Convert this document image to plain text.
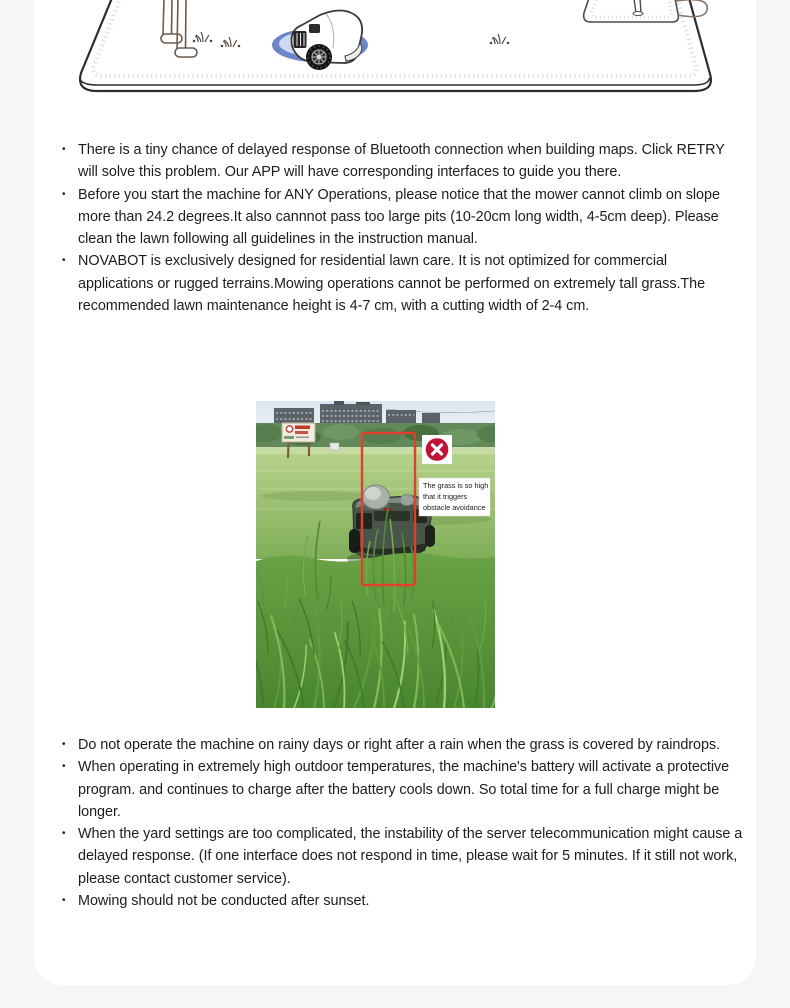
• There is a tiny chance of delayed response of Bluetooth connection when building maps. Click RETRY will solve this problem. Our APP will have corresponding interfaces to guide you there.
• Before you start the machine for ANY Operations, please notice that the mower cannot climb on slope more than 24.2 degrees.It also cannnot pass too large pits (10-20cm long width, 4-5cm deep). Please clean the lawn following all guidelines in the instruction manual.
• NOVABOT is exclusively designed for residential lawn care. It is not optimized for commercial applications or rugged terrains.Mowing operations cannot be performed on extremely tall grass.The recommended lawn maintenance height is 4-7 cm, with a cutting width of 2-4 cm.
The grass is so high
that it triggers
obstacle avoidance
• Do not operate the machine on rainy days or right after a rain when the grass is covered by raindrops.
• When operating in extremely high outdoor temperatures, the machine's battery will activate a protective program. and continues to charge after the battery cools down. So total time for a full charge might be longer.
• When the yard settings are too complicated, the instability of the server telecommunication might cause a delayed response. (If one interface does not respond in time, please wait for 5 minutes. If it still not work, please contact customer service).
• Mowing should not be conducted after sunset.
